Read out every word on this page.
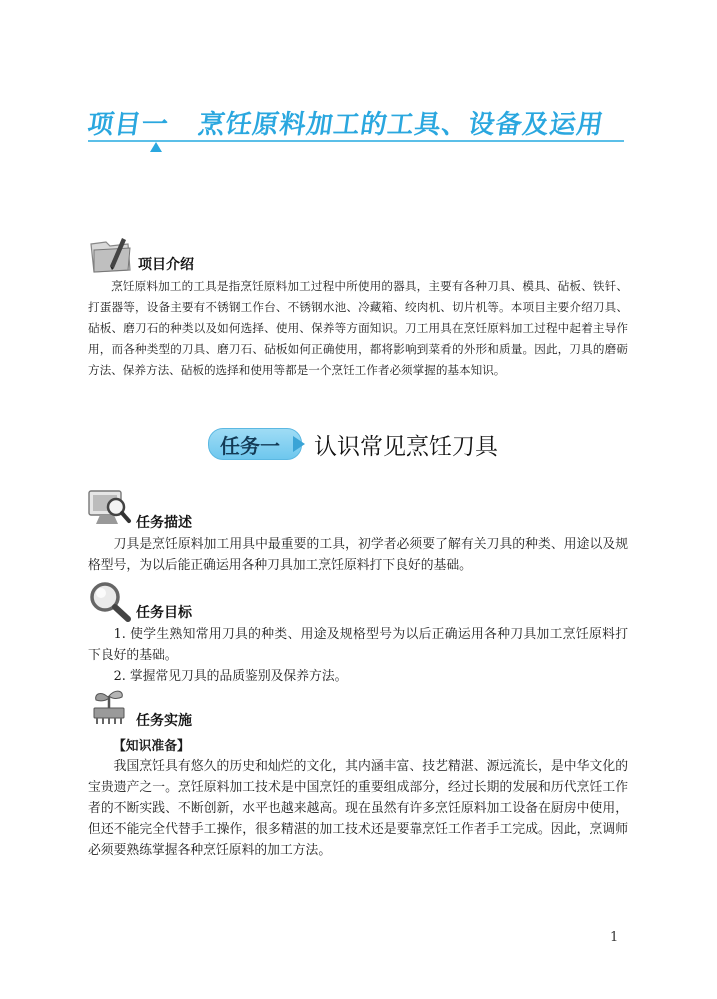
项目一 烹饪原料加工的工具、设备及运用
项目介绍

烹饪原料加工的工具是指烹饪原料加工过程中所使用的器具，主要有各种刀具、模具、砧板、铁钎、打蛋器等，设备主要有不锈钢工作台、不锈钢水池、冷藏箱、绞肉机、切片机等。本项目主要介绍刀具、砧板、磨刀石的种类以及如何选择、使用、保养等方面知识。刀工用具在烹饪原料加工过程中起着主导作用，而各种类型的刀具、磨刀石、砧板如何正确使用，都将影响到菜肴的外形和质量。因此，刀具的磨砺方法、保养方法、砧板的选择和使用等都是一个烹饪工作者必须掌握的基本知识。

任务一 认识常见烹饪刀具
任务描述

刀具是烹饪原料加工用具中最重要的工具，初学者必须要了解有关刀具的种类、用途以及规格型号，为以后能正确运用各种刀具加工烹饪原料打下良好的基础。

任务目标

1. 使学生熟知常用刀具的种类、用途及规格型号为以后正确运用各种刀具加工烹饪原料打下良好的基础。

2. 掌握常见刀具的品质鉴别及保养方法。

任务实施
【知识准备】

我国烹饪具有悠久的历史和灿烂的文化，其内涵丰富、技艺精湛、源远流长，是中华文化的宝贵遗产之一。烹饪原料加工技术是中国烹饪的重要组成部分，经过长期的发展和历代烹饪工作者的不断实践、不断创新，水平也越来越高。现在虽然有许多烹饪原料加工设备在厨房中使用，但还不能完全代替手工操作，很多精湛的加工技术还是要靠烹饪工作者手工完成。因此，烹调师必须要熟练掌握各种烹饪原料的加工方法。

1
